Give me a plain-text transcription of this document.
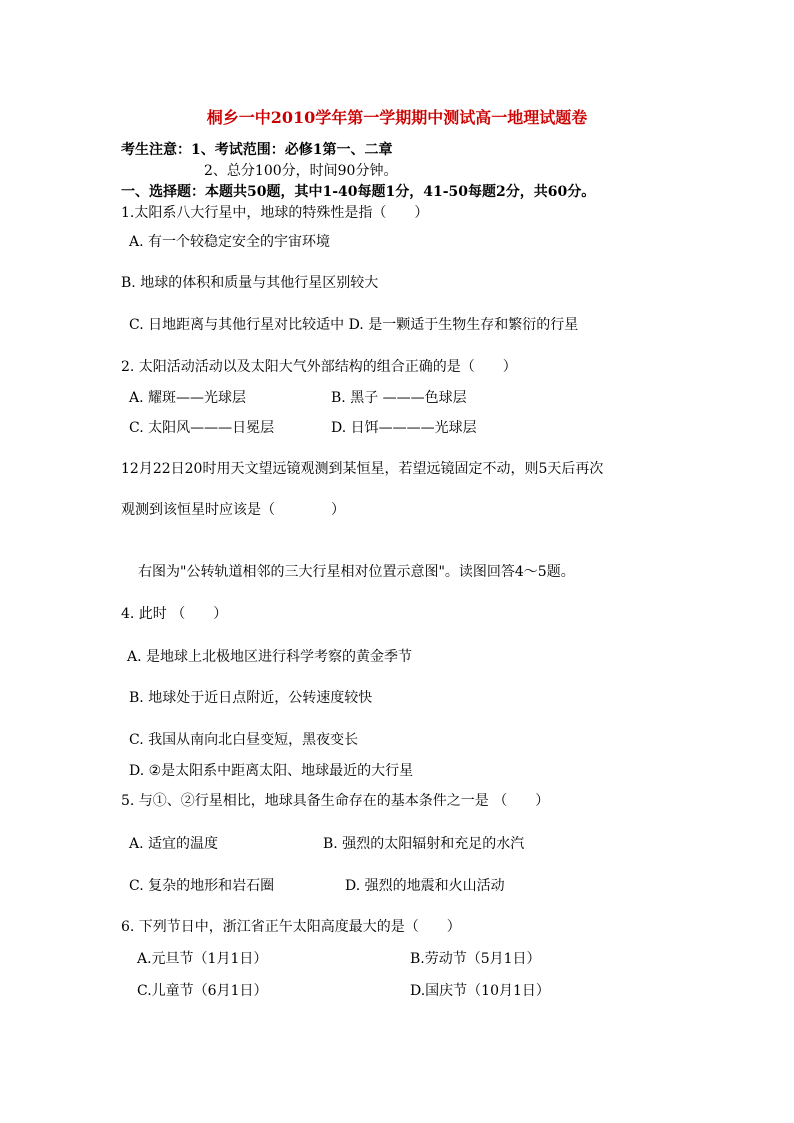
桐乡一中2010学年第一学期期中测试高一地理试题卷
考生注意：1、考试范围：必修1第一、二章
2、总分100分，时间90分钟。
一、选择题：本题共50题，其中1-40每题1分，41-50每题2分，共60分。
1.太阳系八大行星中，地球的特殊性是指（　　）
A. 有一个较稳定安全的宇宙环境
B. 地球的体积和质量与其他行星区别较大
C. 日地距离与其他行星对比较适中 D. 是一颗适于生物生存和繁衍的行星
2. 太阳活动活动以及太阳大气外部结构的组合正确的是（　　）
A. 耀斑——光球层	B. 黑子 ———色球层
C. 太阳风———日冕层	D. 日饵————光球层
12月22日20时用天文望远镜观测到某恒星，若望远镜固定不动，则5天后再次
观测到该恒星时应该是（　　　　）
右图为"公转轨道相邻的三大行星相对位置示意图"。读图回答4～5题。
4. 此时 （　　）
A. 是地球上北极地区进行科学考察的黄金季节
B. 地球处于近日点附近，公转速度较快
C. 我国从南向北白昼变短，黑夜变长
D. ②是太阳系中距离太阳、地球最近的大行星
5. 与①、②行星相比，地球具备生命存在的基本条件之一是 （　　）
A. 适宜的温度	B. 强烈的太阳辐射和充足的水汽
C. 复杂的地形和岩石圈	D. 强烈的地震和火山活动
6. 下列节日中，浙江省正午太阳高度最大的是（　　）
A.元旦节（1月1日）	B.劳动节（5月1日）
C.儿童节（6月1日）	D.国庆节（10月1日）
